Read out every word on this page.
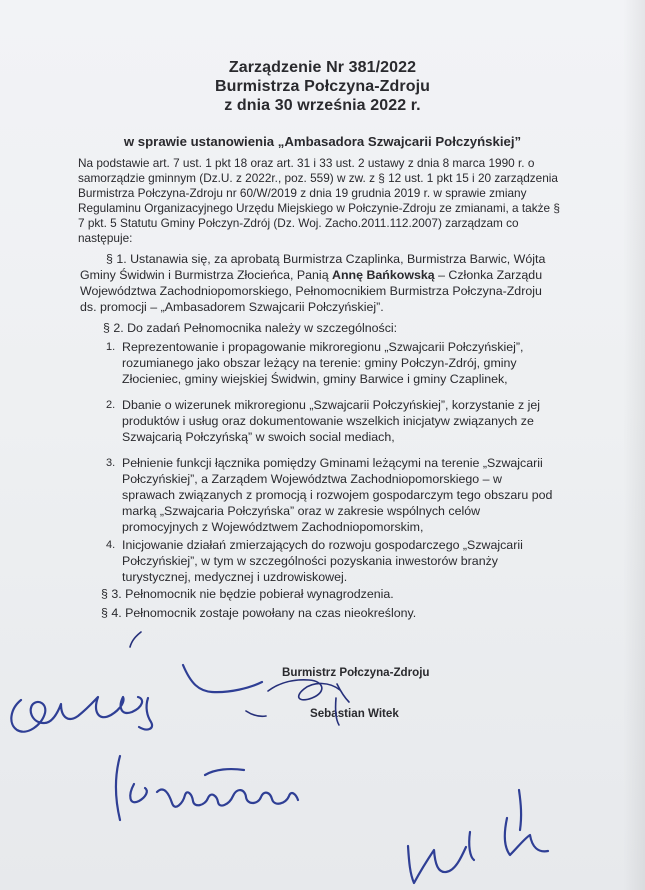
Zarządzenie Nr 381/2022

Burmistrza Połczyna-Zdroju

z dnia 30 września 2022 r.

w sprawie ustanowienia „Ambasadora Szwajcarii Połczyńskiej”

Na podstawie art. 7 ust. 1 pkt 18 oraz art. 31 i 33 ust. 2 ustawy z dnia 8 marca 1990 r. o

samorządzie gminnym (Dz.U. z 2022r., poz. 559) w zw. z § 12 ust. 1 pkt 15 i 20 zarządzenia

Burmistrza Połczyna-Zdroju nr 60/W/2019 z dnia 19 grudnia 2019 r. w sprawie zmiany

Regulaminu Organizacyjnego Urzędu Miejskiego w Połczynie-Zdroju ze zmianami, a także §

7 pkt. 5 Statutu Gminy Połczyn-Zdrój (Dz. Woj. Zacho.2011.112.2007) zarządzam co

następuje:

§ 1. Ustanawia się, za aprobatą Burmistrza Czaplinka, Burmistrza Barwic, Wójta

Gminy Świdwin i Burmistrza Złocieńca, Panią Annę Bańkowską – Członka Zarządu

Województwa Zachodniopomorskiego, Pełnomocnikiem Burmistrza Połczyna-Zdroju

ds. promocji – „Ambasadorem Szwajcarii Połczyńskiej”.

§ 2. Do zadań Pełnomocnika należy w szczególności:

1. Reprezentowanie i propagowanie mikroregionu „Szwajcarii Połczyńskiej”,

rozumianego jako obszar leżący na terenie: gminy Połczyn-Zdrój, gminy

Złocieniec, gminy wiejskiej Świdwin, gminy Barwice i gminy Czaplinek,

2. Dbanie o wizerunek mikroregionu „Szwajcarii Połczyńskiej”, korzystanie z jej

produktów i usług oraz dokumentowanie wszelkich inicjatyw związanych ze

Szwajcarią Połczyńską” w swoich social mediach,

3. Pełnienie funkcji łącznika pomiędzy Gminami leżącymi na terenie „Szwajcarii

Połczyńskiej”, a Zarządem Województwa Zachodniopomorskiego – w

sprawach związanych z promocją i rozwojem gospodarczym tego obszaru pod

marką „Szwajcaria Połczyńska” oraz w zakresie wspólnych celów

promocyjnych z Województwem Zachodniopomorskim,

4. Inicjowanie działań zmierzających do rozwoju gospodarczego „Szwajcarii

Połczyńskiej”, w tym w szczególności pozyskania inwestorów branży

turystycznej, medycznej i uzdrowiskowej.

§ 3. Pełnomocnik nie będzie pobierał wynagrodzenia.

§ 4. Pełnomocnik zostaje powołany na czas nieokreślony.

Burmistrz Połczyna-Zdroju

Sebastian Witek
